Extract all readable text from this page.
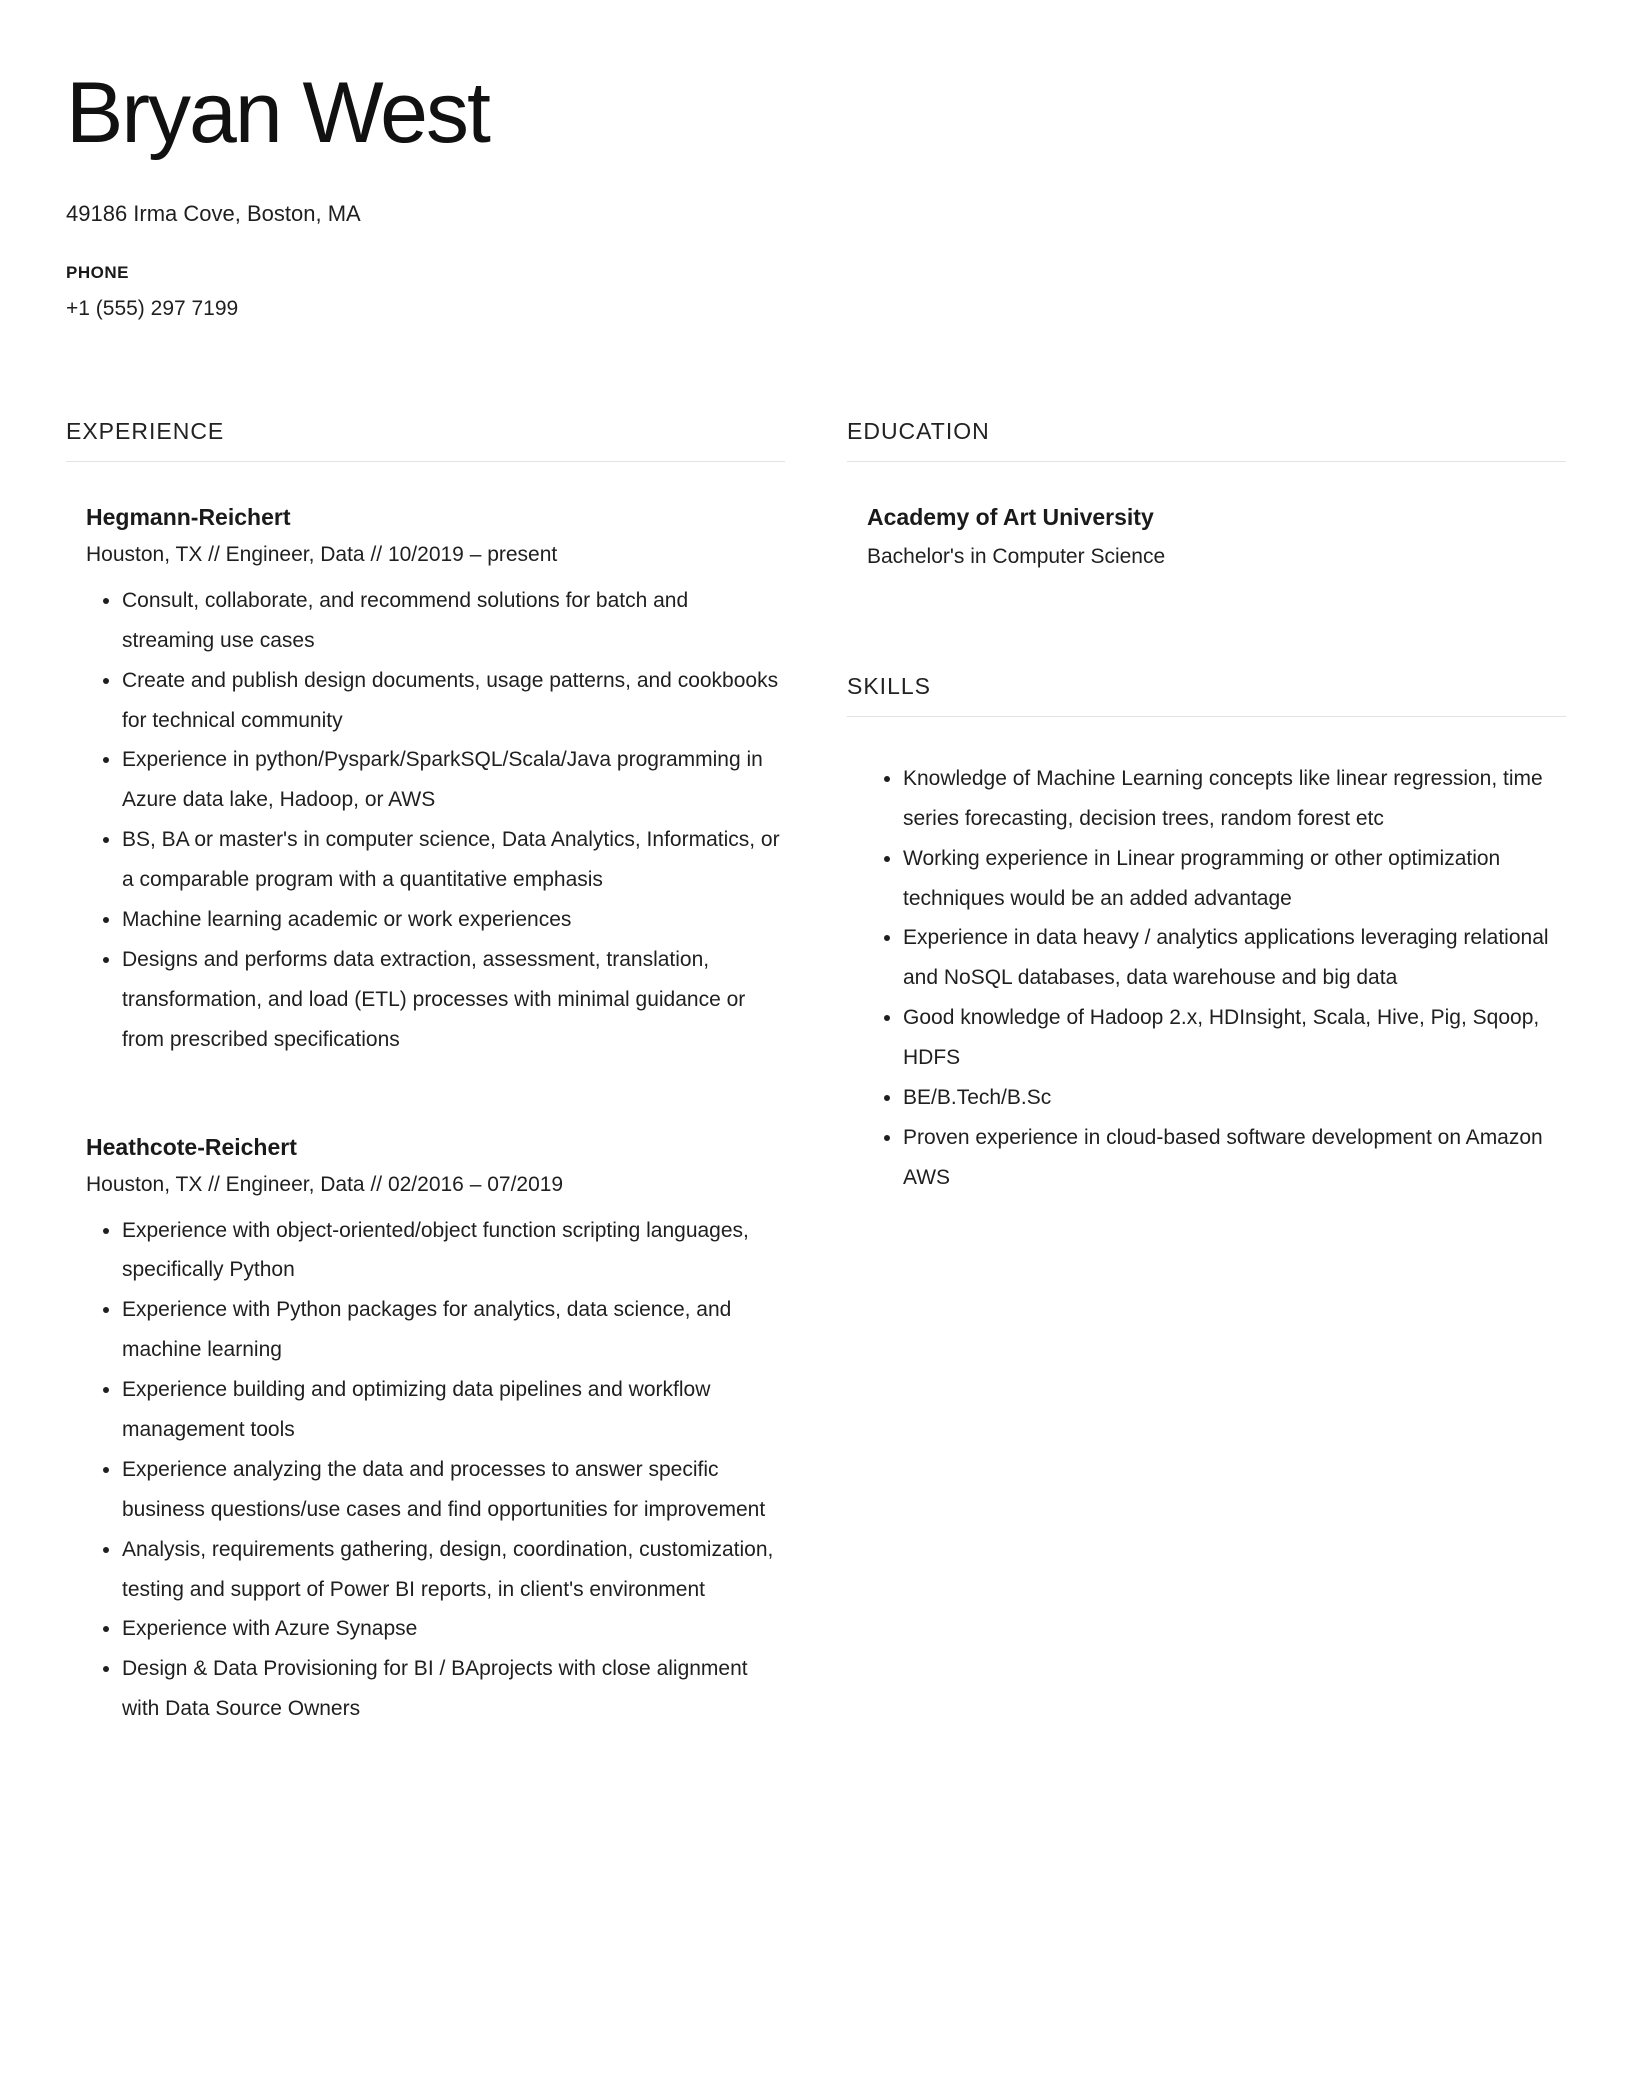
Bryan West
49186 Irma Cove, Boston, MA
PHONE
+1 (555) 297 7199
EXPERIENCE
Hegmann-Reichert
Houston, TX // Engineer, Data // 10/2019 – present
• Consult, collaborate, and recommend solutions for batch and streaming use cases
• Create and publish design documents, usage patterns, and cookbooks for technical community
• Experience in python/Pyspark/SparkSQL/Scala/Java programming in Azure data lake, Hadoop, or AWS
• BS, BA or master's in computer science, Data Analytics, Informatics, or a comparable program with a quantitative emphasis
• Machine learning academic or work experiences
• Designs and performs data extraction, assessment, translation, transformation, and load (ETL) processes with minimal guidance or from prescribed specifications
Heathcote-Reichert
Houston, TX // Engineer, Data // 02/2016 – 07/2019
• Experience with object-oriented/object function scripting languages, specifically Python
• Experience with Python packages for analytics, data science, and machine learning
• Experience building and optimizing data pipelines and workflow management tools
• Experience analyzing the data and processes to answer specific business questions/use cases and find opportunities for improvement
• Analysis, requirements gathering, design, coordination, customization, testing and support of Power BI reports, in client's environment
• Experience with Azure Synapse
• Design & Data Provisioning for BI / BAprojects with close alignment with Data Source Owners
EDUCATION
Academy of Art University
Bachelor's in Computer Science
SKILLS
• Knowledge of Machine Learning concepts like linear regression, time series forecasting, decision trees, random forest etc
• Working experience in Linear programming or other optimization techniques would be an added advantage
• Experience in data heavy / analytics applications leveraging relational and NoSQL databases, data warehouse and big data
• Good knowledge of Hadoop 2.x, HDInsight, Scala, Hive, Pig, Sqoop, HDFS
• BE/B.Tech/B.Sc
• Proven experience in cloud-based software development on Amazon AWS
